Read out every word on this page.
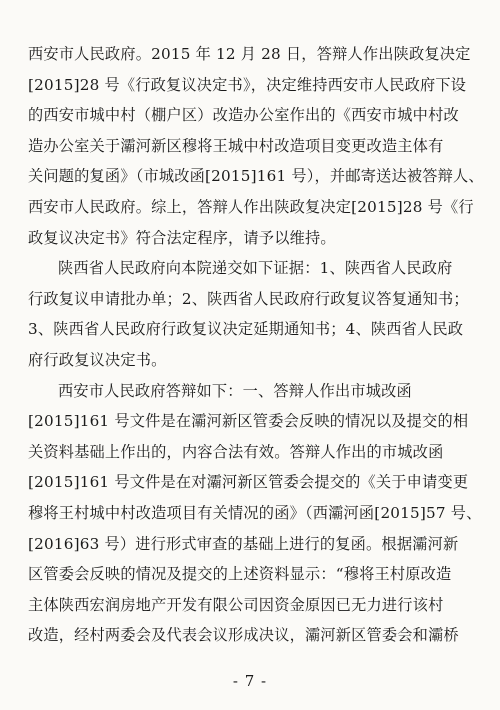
西安市人民政府。2015 年 12 月 28 日，答辩人作出陕政复决定
[2015]28 号《行政复议决定书》，决定维持西安市人民政府下设
的西安市城中村（棚户区）改造办公室作出的《西安市城中村改
造办公室关于灞河新区穆将王城中村改造项目变更改造主体有
关问题的复函》（市城改函[2015]161 号），并邮寄送达被答辩人、
西安市人民政府。综上，答辩人作出陕政复决定[2015]28 号《行
政复议决定书》符合法定程序，请予以维持。
陕西省人民政府向本院递交如下证据：1、陕西省人民政府
行政复议申请批办单；2、陕西省人民政府行政复议答复通知书；
3、陕西省人民政府行政复议决定延期通知书；4、陕西省人民政
府行政复议决定书。
西安市人民政府答辩如下：一、答辩人作出市城改函
[2015]161 号文件是在灞河新区管委会反映的情况以及提交的相
关资料基础上作出的，内容合法有效。答辩人作出的市城改函
[2015]161 号文件是在对灞河新区管委会提交的《关于申请变更
穆将王村城中村改造项目有关情况的函》（西灞河函[2015]57 号、
[2016]63 号）进行形式审查的基础上进行的复函。根据灞河新
区管委会反映的情况及提交的上述资料显示：“穆将王村原改造
主体陕西宏润房地产开发有限公司因资金原因已无力进行该村
改造，经村两委会及代表会议形成决议，灞河新区管委会和灞桥
- 7 -
